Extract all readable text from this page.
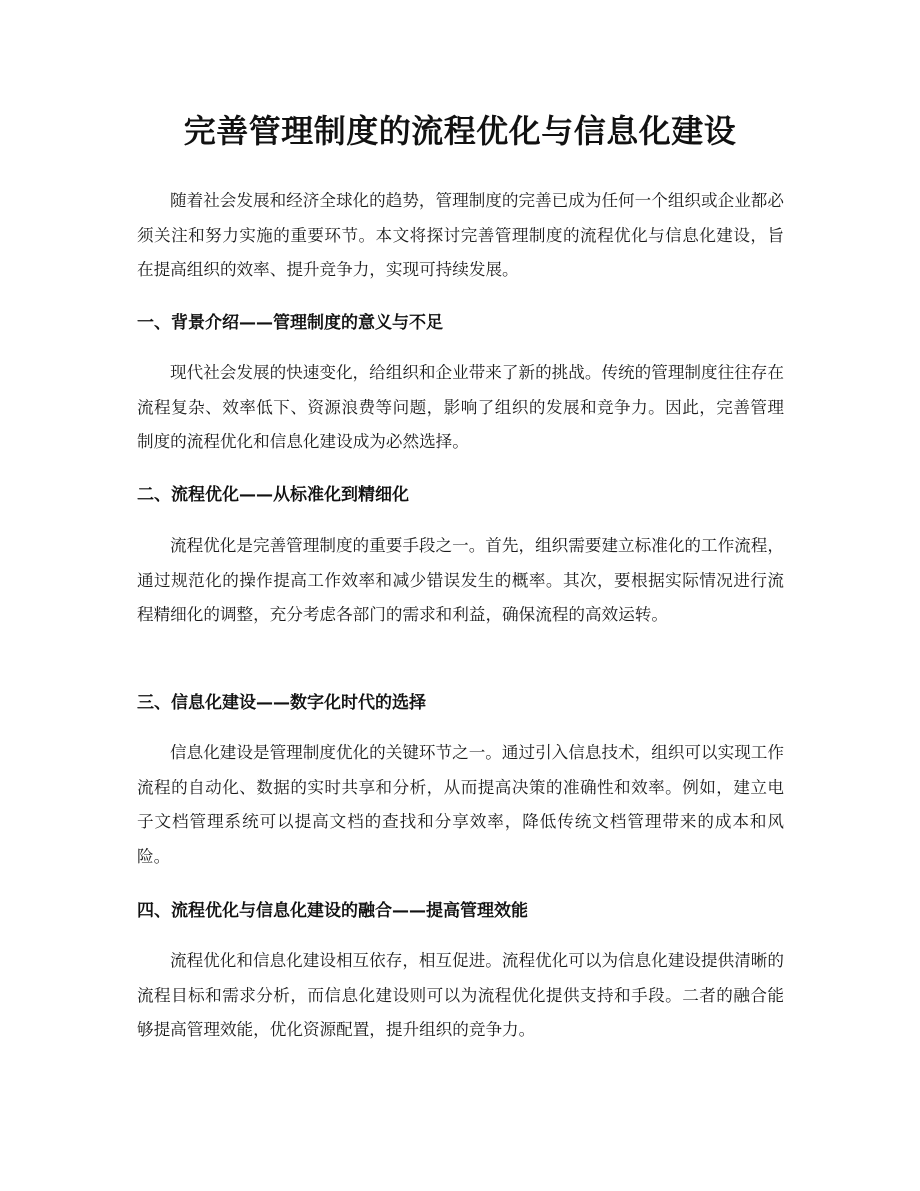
完善管理制度的流程优化与信息化建设

随着社会发展和经济全球化的趋势，管理制度的完善已成为任何一个组织或企业都必须关注和努力实施的重要环节。本文将探讨完善管理制度的流程优化与信息化建设，旨在提高组织的效率、提升竞争力，实现可持续发展。

一、背景介绍——管理制度的意义与不足

现代社会发展的快速变化，给组织和企业带来了新的挑战。传统的管理制度往往存在流程复杂、效率低下、资源浪费等问题，影响了组织的发展和竞争力。因此，完善管理制度的流程优化和信息化建设成为必然选择。

二、流程优化——从标准化到精细化

流程优化是完善管理制度的重要手段之一。首先，组织需要建立标准化的工作流程，通过规范化的操作提高工作效率和减少错误发生的概率。其次，要根据实际情况进行流程精细化的调整，充分考虑各部门的需求和利益，确保流程的高效运转。

三、信息化建设——数字化时代的选择

信息化建设是管理制度优化的关键环节之一。通过引入信息技术，组织可以实现工作流程的自动化、数据的实时共享和分析，从而提高决策的准确性和效率。例如，建立电子文档管理系统可以提高文档的查找和分享效率，降低传统文档管理带来的成本和风险。

四、流程优化与信息化建设的融合——提高管理效能

流程优化和信息化建设相互依存，相互促进。流程优化可以为信息化建设提供清晰的流程目标和需求分析，而信息化建设则可以为流程优化提供支持和手段。二者的融合能够提高管理效能，优化资源配置，提升组织的竞争力。
